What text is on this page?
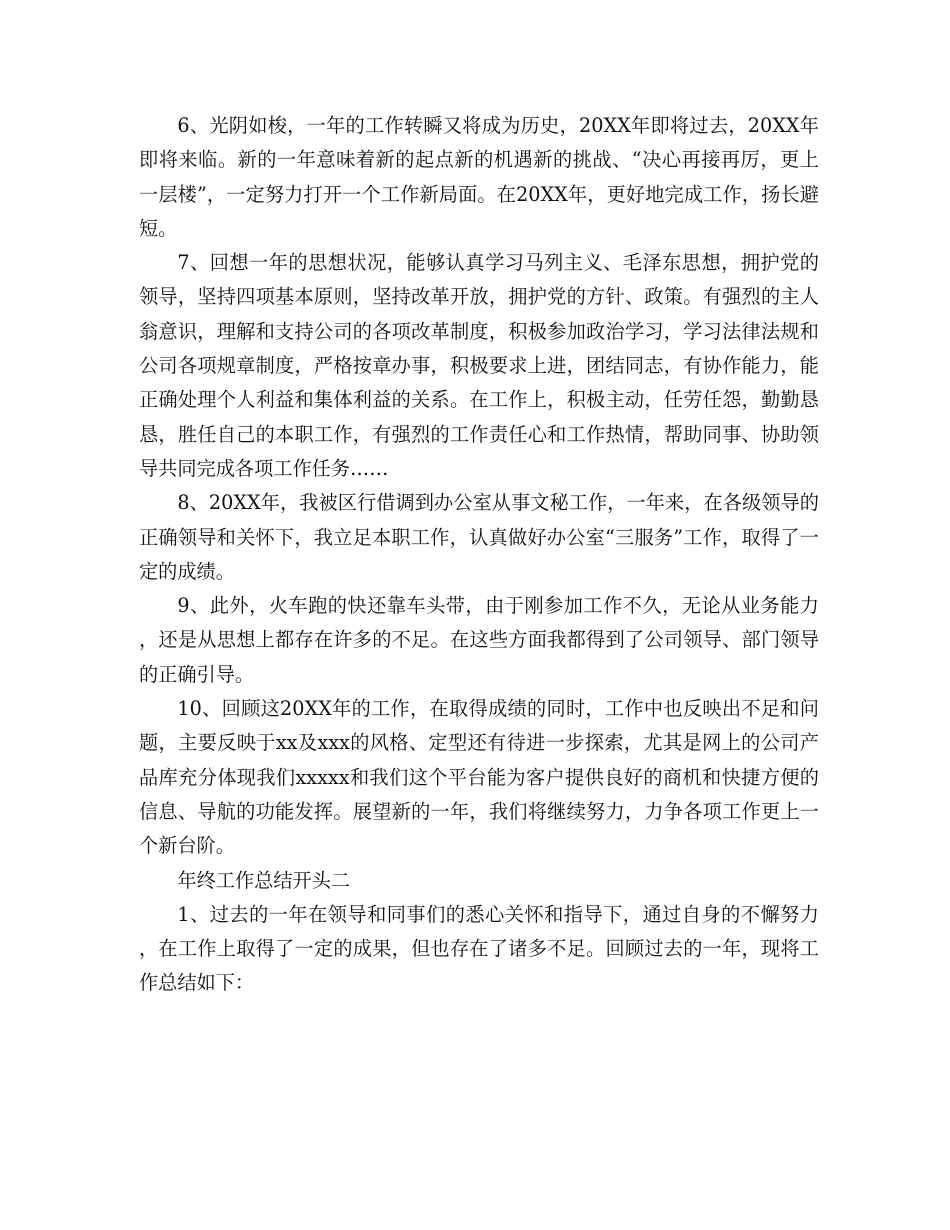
6、光阴如梭，一年的工作转瞬又将成为历史，20XX年即将过去，20XX年即将来临。新的一年意味着新的起点新的机遇新的挑战、“决心再接再厉，更上一层楼”，一定努力打开一个工作新局面。在20XX年，更好地完成工作，扬长避短。

7、回想一年的思想状况，能够认真学习马列主义、毛泽东思想，拥护党的领导，坚持四项基本原则，坚持改革开放，拥护党的方针、政策。有强烈的主人翁意识，理解和支持公司的各项改革制度，积极参加政治学习，学习法律法规和公司各项规章制度，严格按章办事，积极要求上进，团结同志，有协作能力，能正确处理个人利益和集体利益的关系。在工作上，积极主动，任劳任怨，勤勤恳恳，胜任自己的本职工作，有强烈的工作责任心和工作热情，帮助同事、协助领导共同完成各项工作任务……

8、20XX年，我被区行借调到办公室从事文秘工作，一年来，在各级领导的正确领导和关怀下，我立足本职工作，认真做好办公室“三服务”工作，取得了一定的成绩。

9、此外，火车跑的快还靠车头带，由于刚参加工作不久，无论从业务能力，还是从思想上都存在许多的不足。在这些方面我都得到了公司领导、部门领导的正确引导。

10、回顾这20XX年的工作，在取得成绩的同时，工作中也反映出不足和问题，主要反映于xx及xxx的风格、定型还有待进一步探索，尤其是网上的公司产品库充分体现我们xxxxx和我们这个平台能为客户提供良好的商机和快捷方便的信息、导航的功能发挥。展望新的一年，我们将继续努力，力争各项工作更上一个新台阶。

年终工作总结开头二

1、过去的一年在领导和同事们的悉心关怀和指导下，通过自身的不懈努力，在工作上取得了一定的成果，但也存在了诸多不足。回顾过去的一年，现将工作总结如下：
